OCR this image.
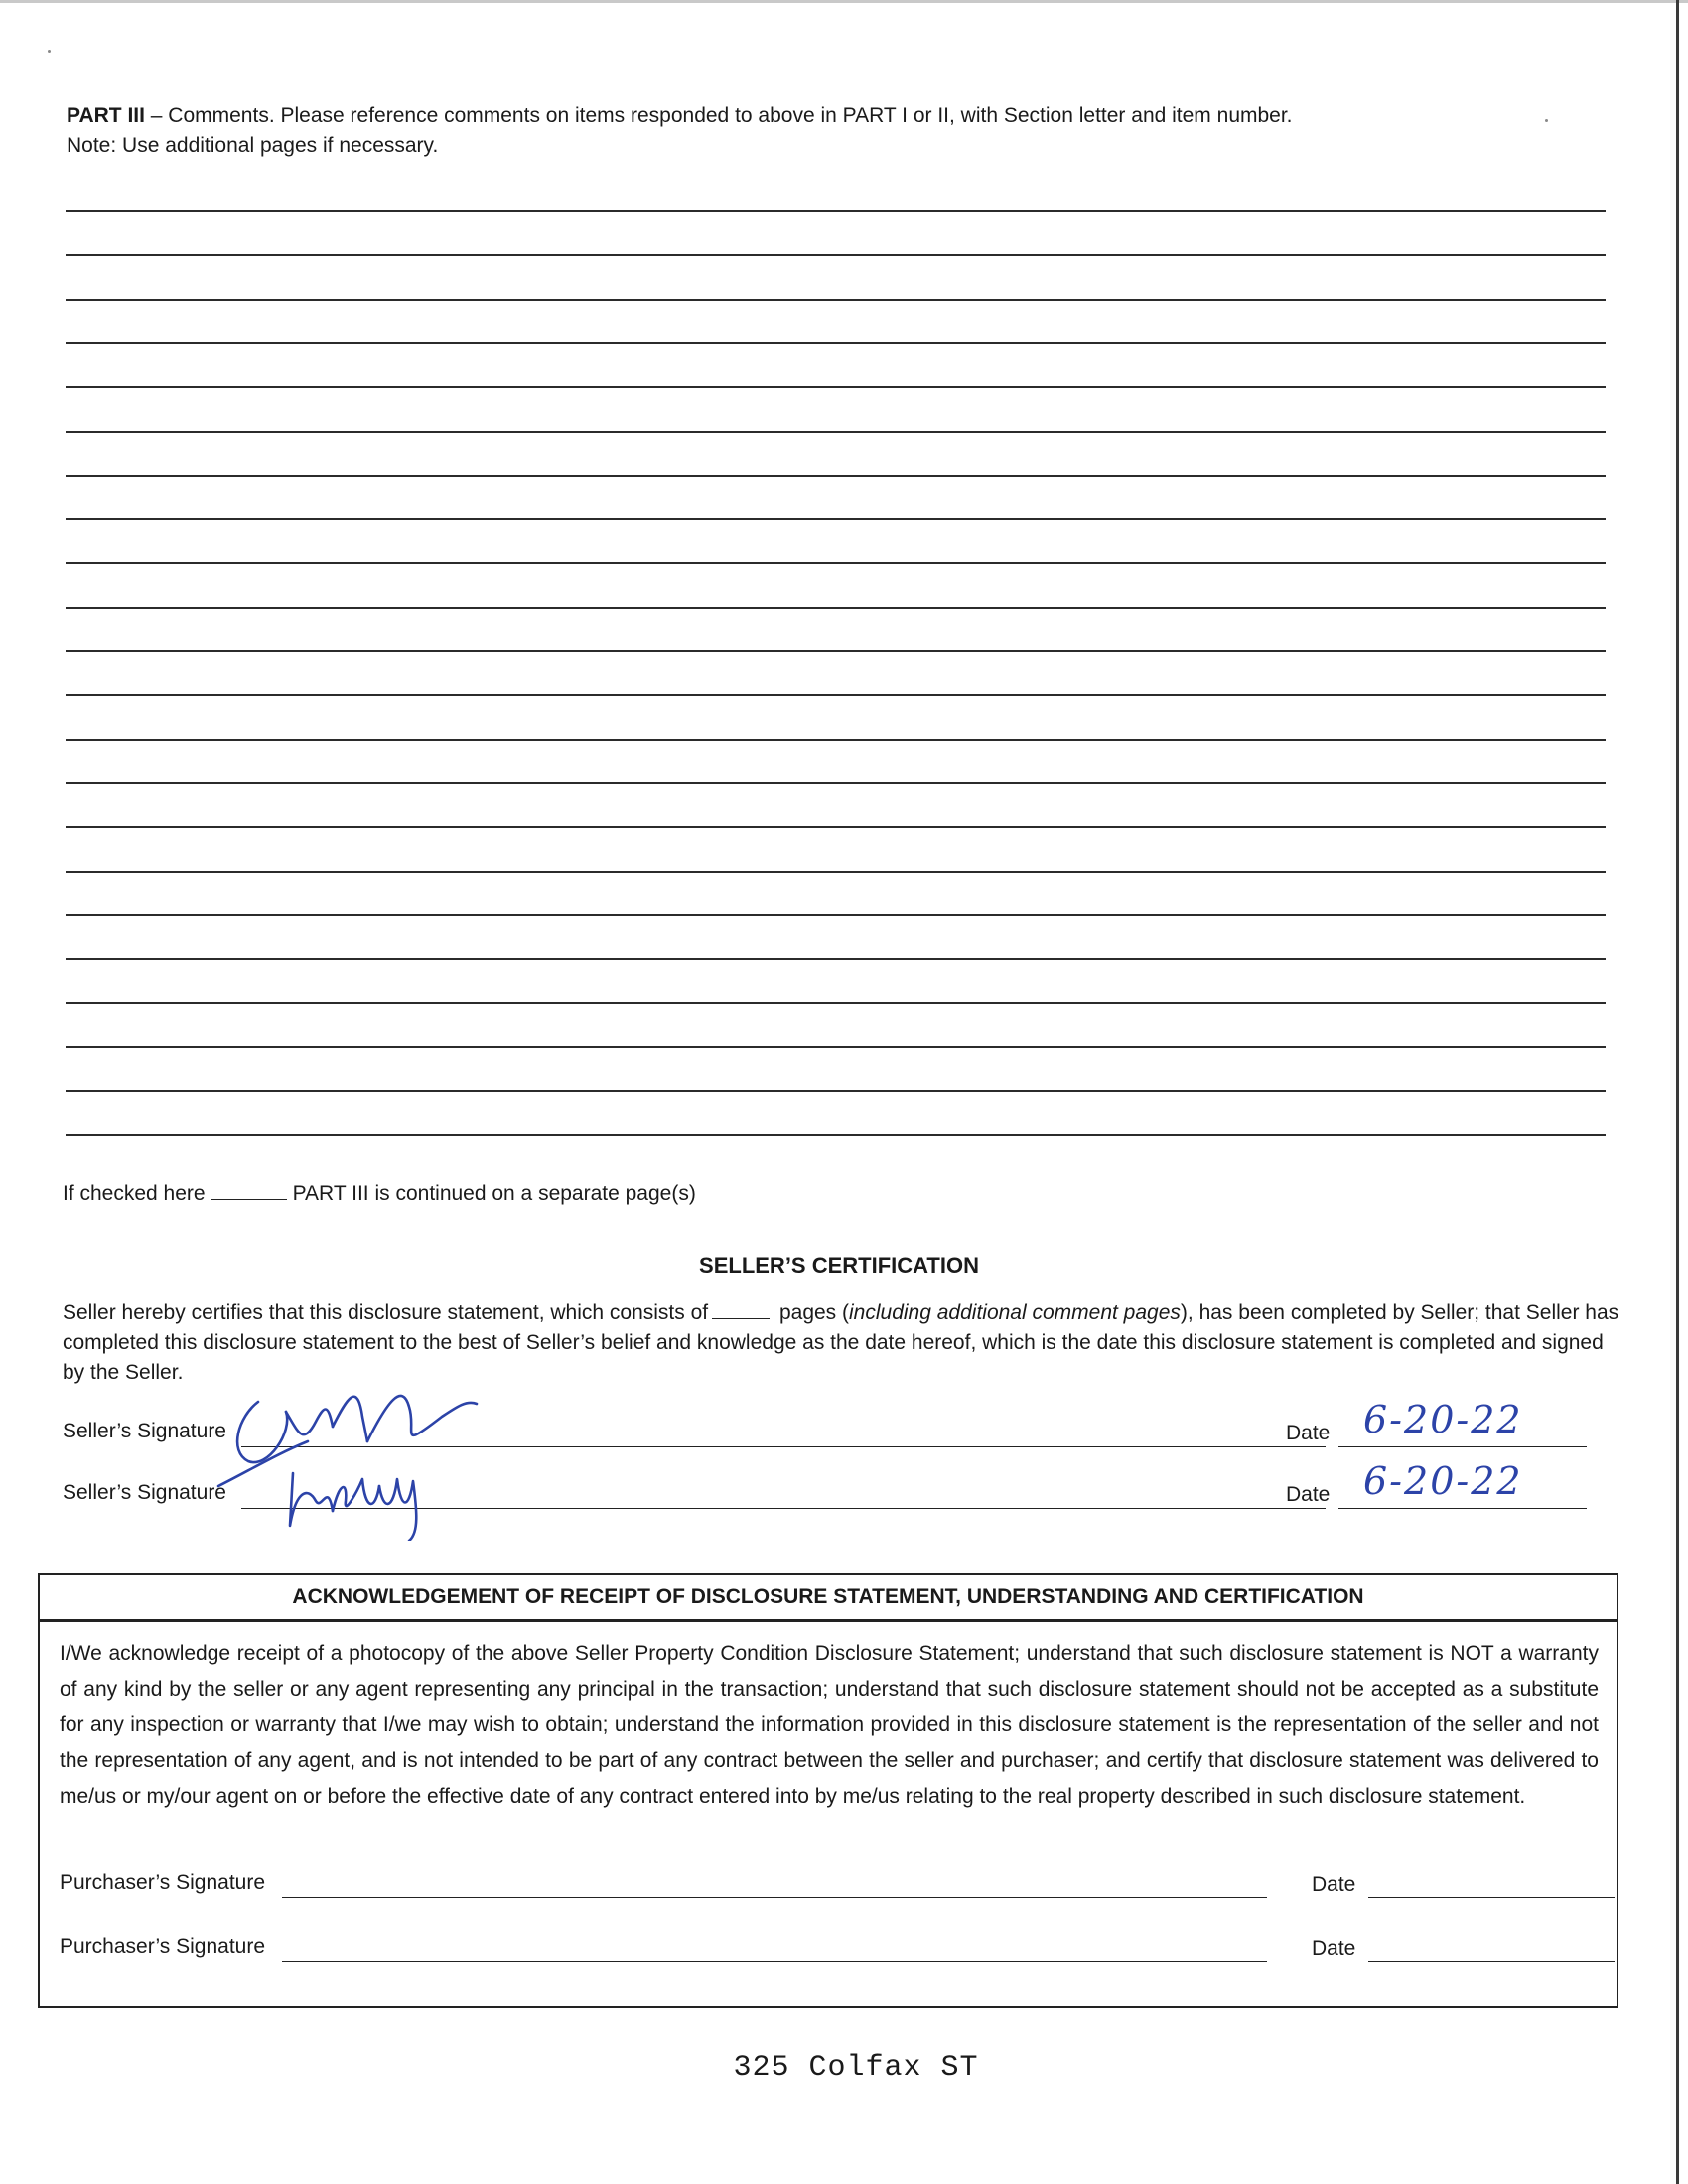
PART III – Comments. Please reference comments on items responded to above in PART I or II, with Section letter and item number.
Note: Use additional pages if necessary.
If checked here	PART III is continued on a separate page(s)
SELLER’S CERTIFICATION
Seller hereby certifies that this disclosure statement, which consists of	pages (including additional comment pages), has been completed by Seller; that Seller has completed this disclosure statement to the best of Seller’s belief and knowledge as the date hereof, which is the date this disclosure statement is completed and signed by the Seller.
Seller’s Signature	Date 6-20-22
Seller’s Signature	Date 6-20-22
ACKNOWLEDGEMENT OF RECEIPT OF DISCLOSURE STATEMENT, UNDERSTANDING AND CERTIFICATION
I/We acknowledge receipt of a photocopy of the above Seller Property Condition Disclosure Statement; understand that such disclosure statement is NOT a warranty of any kind by the seller or any agent representing any principal in the transaction; understand that such disclosure statement should not be accepted as a substitute for any inspection or warranty that I/we may wish to obtain; understand the information provided in this disclosure statement is the representation of the seller and not the representation of any agent, and is not intended to be part of any contract between the seller and purchaser; and certify that disclosure statement was delivered to me/us or my/our agent on or before the effective date of any contract entered into by me/us relating to the real property described in such disclosure statement.
Purchaser’s Signature	Date
Purchaser’s Signature	Date
325 Colfax ST
